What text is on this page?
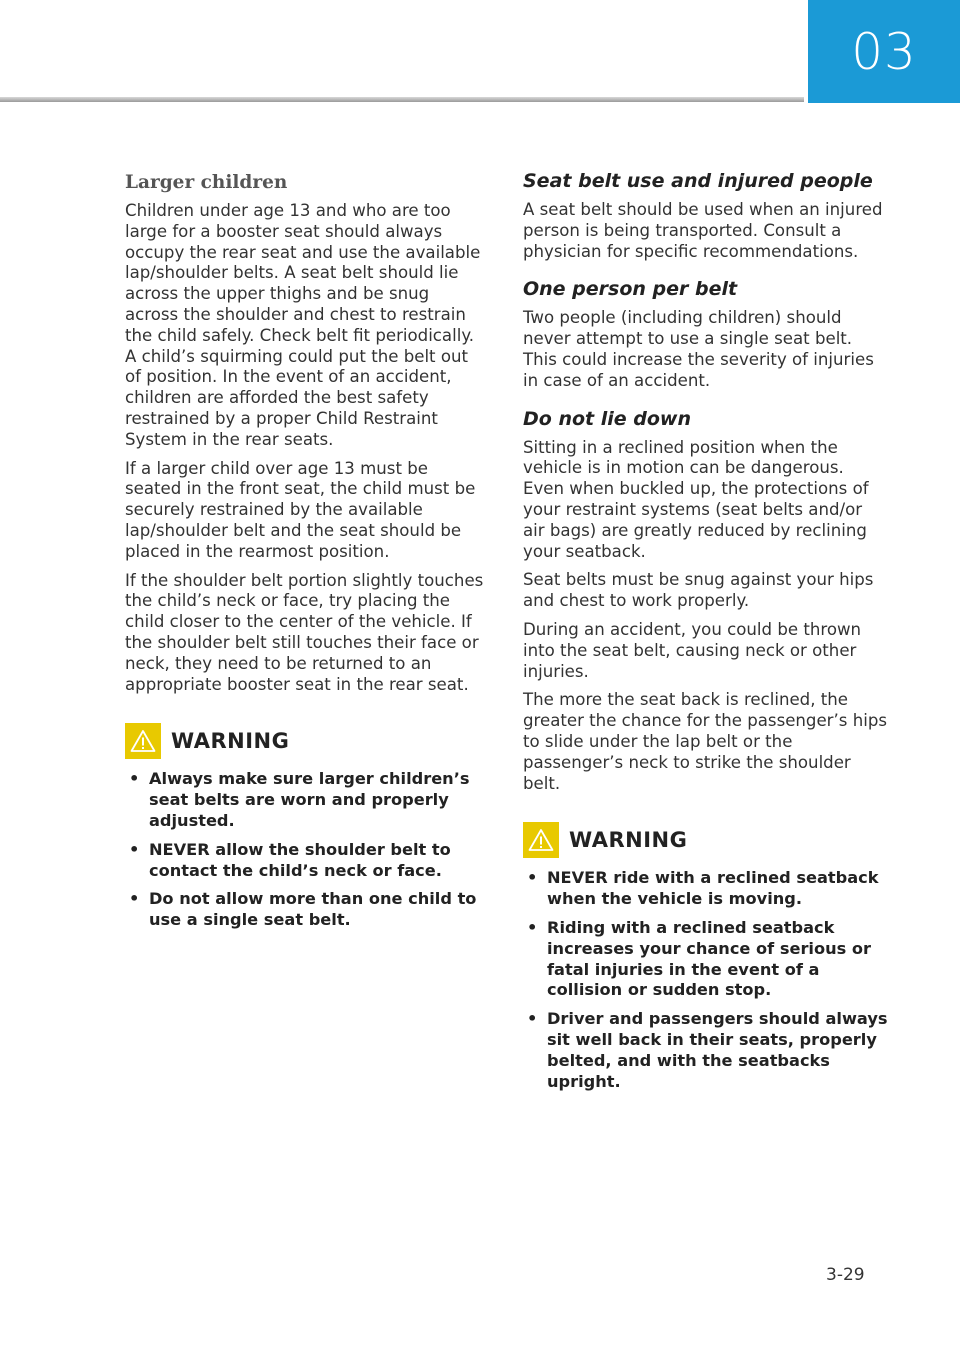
03
Larger children

Children under age 13 and who are too large for a booster seat should always occupy the rear seat and use the available lap/shoulder belts. A seat belt should lie across the upper thighs and be snug across the shoulder and chest to restrain the child safely. Check belt fit periodically. A child’s squirming could put the belt out of position. In the event of an accident, children are afforded the best safety restrained by a proper Child Restraint System in the rear seats.

If a larger child over age 13 must be seated in the front seat, the child must be securely restrained by the available lap/shoulder belt and the seat should be placed in the rearmost position.

If the shoulder belt portion slightly touches the child’s neck or face, try placing the child closer to the center of the vehicle. If the shoulder belt still touches their face or neck, they need to be returned to an appropriate booster seat in the rear seat.

WARNING
• Always make sure larger children’s seat belts are worn and properly adjusted.
• NEVER allow the shoulder belt to contact the child’s neck or face.
• Do not allow more than one child to use a single seat belt.
Seat belt use and injured people

A seat belt should be used when an injured person is being transported. Consult a physician for specific recommendations.

One person per belt

Two people (including children) should never attempt to use a single seat belt. This could increase the severity of injuries in case of an accident.

Do not lie down

Sitting in a reclined position when the vehicle is in motion can be dangerous. Even when buckled up, the protections of your restraint systems (seat belts and/or air bags) are greatly reduced by reclining your seatback.

Seat belts must be snug against your hips and chest to work properly.

During an accident, you could be thrown into the seat belt, causing neck or other injuries.

The more the seat back is reclined, the greater the chance for the passenger’s hips to slide under the lap belt or the passenger’s neck to strike the shoulder belt.

WARNING
• NEVER ride with a reclined seatback when the vehicle is moving.
• Riding with a reclined seatback increases your chance of serious or fatal injuries in the event of a collision or sudden stop.
• Driver and passengers should always sit well back in their seats, properly belted, and with the seatbacks upright.
3-29
